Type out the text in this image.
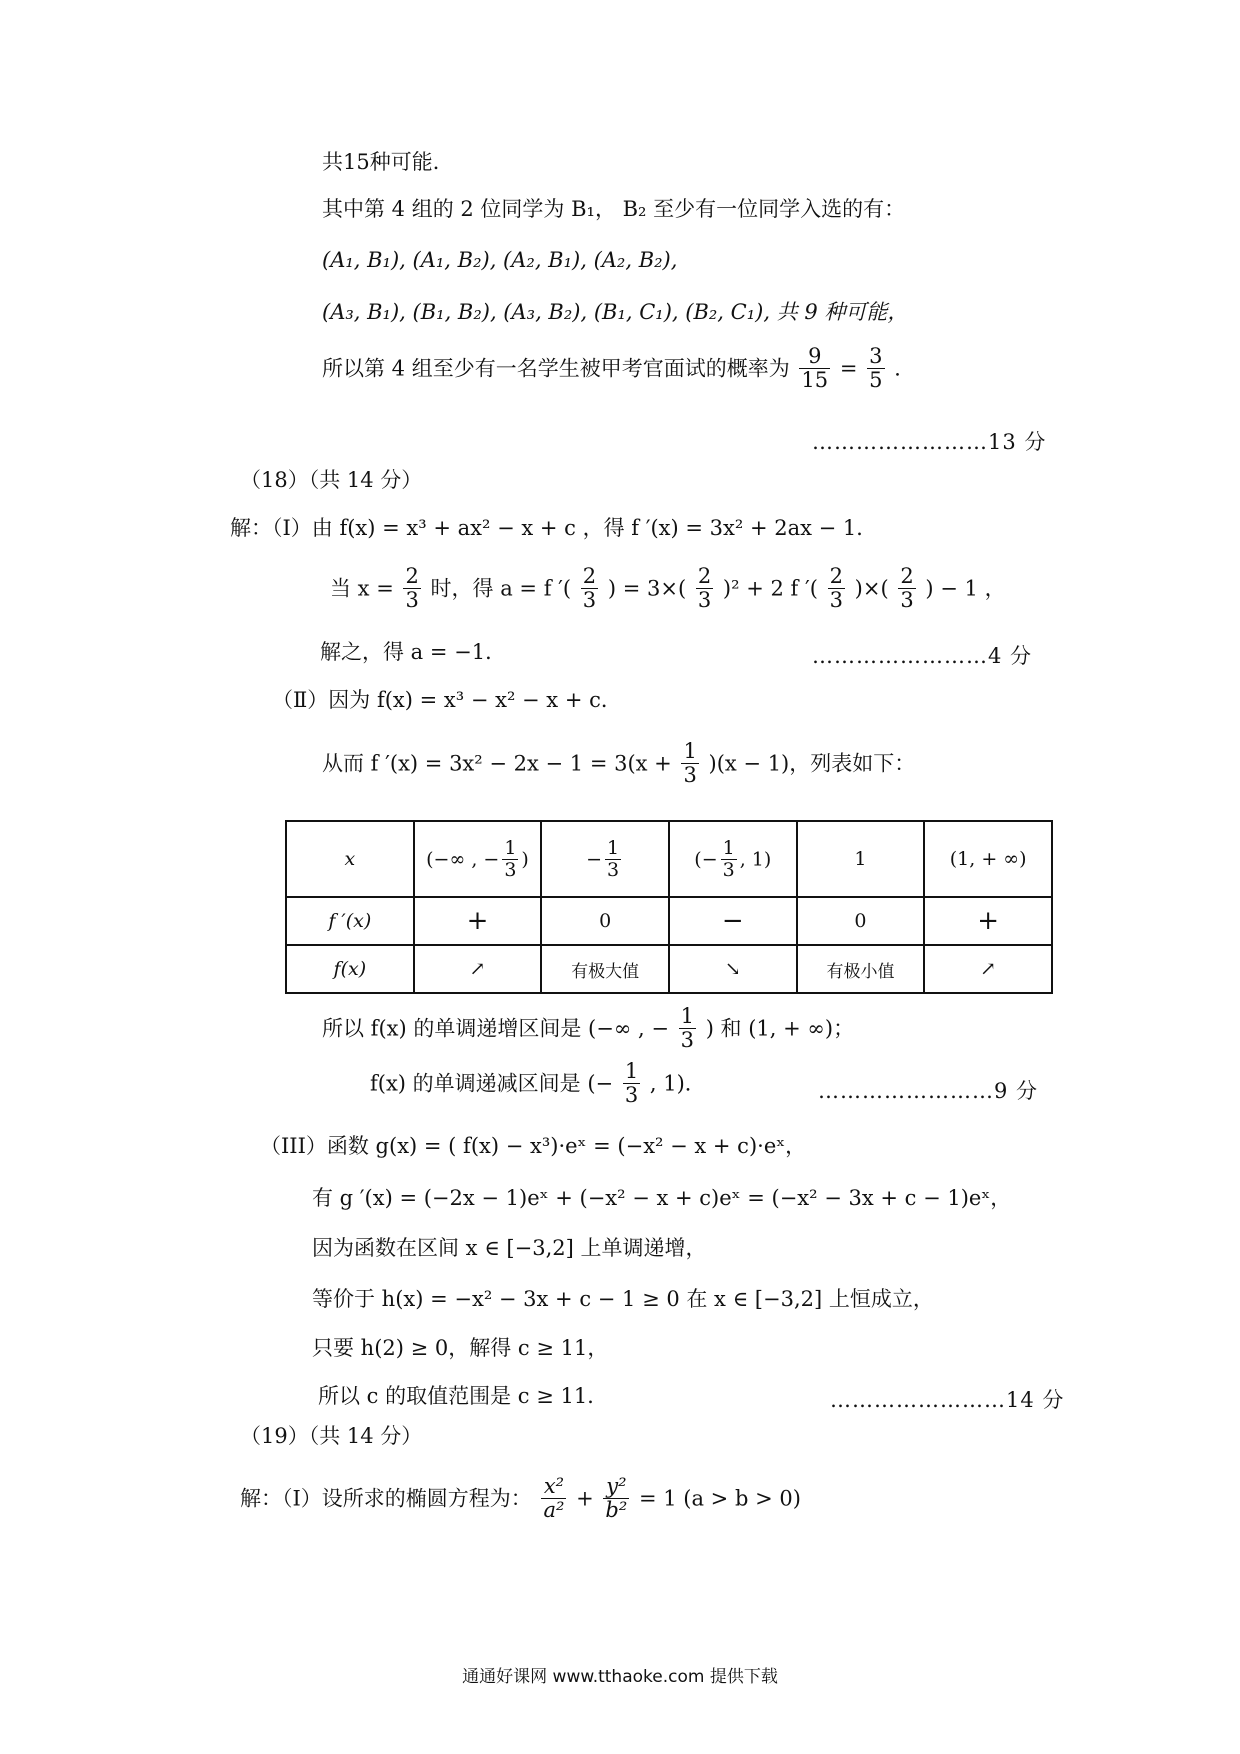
共15种可能．
其中第 4 组的 2 位同学为 B₁， B₂ 至少有一位同学入选的有：
(A₁, B₁), (A₁, B₂), (A₂, B₁), (A₂, B₂),
(A₃, B₁), (B₁, B₂), (A₃, B₂), (B₁, C₁), (B₂, C₁), 共 9 种可能，
所以第 4 组至少有一名学生被甲考官面试的概率为 $\frac{9}{15} = \frac{3}{5}$ ．
……………………13 分
（18）（共 14 分）
解：（Ⅰ）由 f(x) = x³ + ax² − x + c ，得 f ′(x) = 3x² + 2ax − 1．
当 $x = \frac{2}{3}$ 时，得 a = f ′( $\frac{2}{3}$ ) = $3\times( \frac{2}{3} )^2 + 2$ f ′( $\frac{2}{3}$ )×( $\frac{2}{3}$ ) − 1 ，
解之，得 a = −1．	……………………4 分
（Ⅱ）因为 f(x) = x³ − x² − x + c．
从而 f $'(x) = 3x^2 - 2x - 1 = 3(x + \frac{1}{3} )(x - 1)$，列表如下：
x	(−∞ , − $\frac{1}{3}$ )	− $\frac{1}{3}$	(− $\frac{1}{3}$ , 1)	1	(1, + ∞)
f ′(x)	+	0	−	0	+
f(x)	↗	有极大值	↘	有极小值	↗
所以 f(x) 的单调递增区间是 (−∞ , − $\frac{1}{3}$ ) 和 (1, + ∞)；
f(x) 的单调递减区间是 (− $\frac{1}{3}$ , 1)．	……………………9 分
（III）函数 g(x) = ( f(x) − x³)·eˣ = (−x² − x + c)·eˣ，
有 g ′(x) = (−2x − 1)eˣ + (−x² − x + c)eˣ = (−x² − 3x + c − 1)eˣ，
因为函数在区间 x ∈ [−3,2] 上单调递增，
等价于 h(x) = −x² − 3x + c − 1 ≥ 0 在 x ∈ [−3,2] 上恒成立，
只要 h(2) ≥ 0，解得 c ≥ 11，
所以 c 的取值范围是 c ≥ 11．	……………………14 分
（19）（共 14 分）
解：（Ⅰ）设所求的椭圆方程为： $\frac{\text{x²}}{\text{a²}} + \frac{\text{y²}}{\text{b²}} = 1$ (a > b > 0)
通通好课网 www.tthaoke.com 提供下载
